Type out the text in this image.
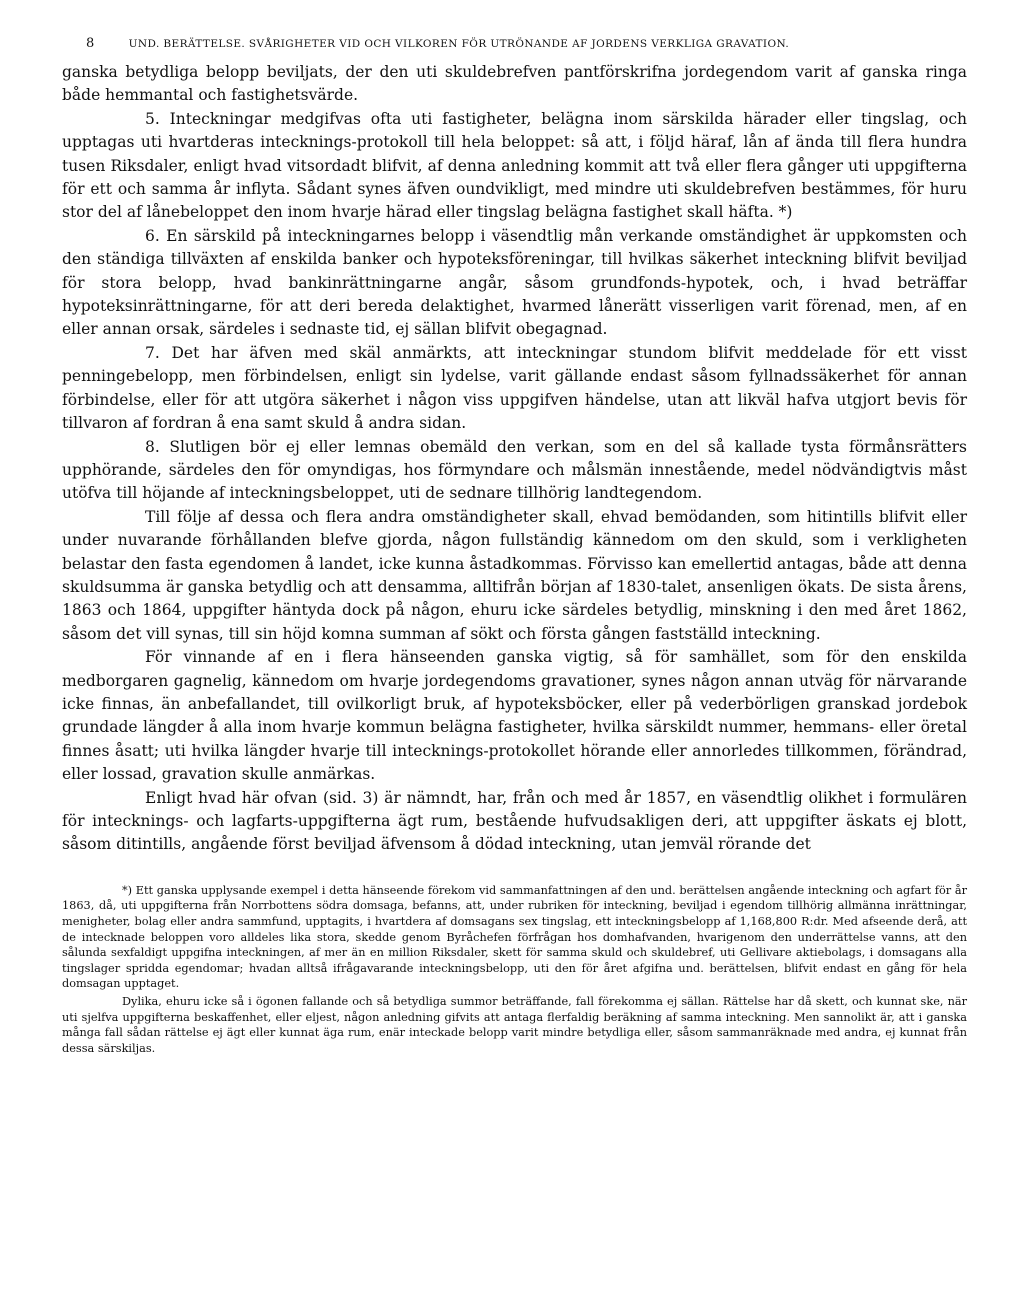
8	UND. BERÄTTELSE. SVÅRIGHETER VID OCH VILKOREN FÖR UTRÖNANDE AF JORDENS VERKLIGA GRAVATION.

ganska betydliga belopp beviljats, der den uti skuldebrefven pantförskrifna jordegendom varit af ganska ringa både hemmantal och fastighetsvärde.

5. Inteckningar medgifvas ofta uti fastigheter, belägna inom särskilda härader eller tingslag, och upptagas uti hvartderas intecknings-protokoll till hela beloppet: så att, i följd häraf, lån af ända till flera hundra tusen Riksdaler, enligt hvad vitsordadt blifvit, af denna anledning kommit att två eller flera gånger uti uppgifterna för ett och samma år inflyta. Sådant synes äfven oundvikligt, med mindre uti skuldebrefven bestämmes, för huru stor del af lånebeloppet den inom hvarje härad eller tingslag belägna fastighet skall häfta. *)

6. En särskild på inteckningarnes belopp i väsendtlig mån verkande omständighet är uppkomsten och den ständiga tillväxten af enskilda banker och hypoteksföreningar, till hvilkas säkerhet inteckning blifvit beviljad för stora belopp, hvad bankinrättningarne angår, såsom grundfonds-hypotek, och, i hvad beträffar hypoteksinrättningarne, för att deri bereda delaktighet, hvarmed lånerätt visserligen varit förenad, men, af en eller annan orsak, särdeles i sednaste tid, ej sällan blifvit obegagnad.

7. Det har äfven med skäl anmärkts, att inteckningar stundom blifvit meddelade för ett visst penningebelopp, men förbindelsen, enligt sin lydelse, varit gällande endast såsom fyllnadssäkerhet för annan förbindelse, eller för att utgöra säkerhet i någon viss uppgifven händelse, utan att likväl hafva utgjort bevis för tillvaron af fordran å ena samt skuld å andra sidan.

8. Slutligen bör ej eller lemnas obemäld den verkan, som en del så kallade tysta förmånsrätters upphörande, särdeles den för omyndigas, hos förmyndare och målsmän innestående, medel nödvändigtvis måst utöfva till höjande af inteckningsbeloppet, uti de sednare tillhörig landtegendom.

Till följe af dessa och flera andra omständigheter skall, ehvad bemödanden, som hitintills blifvit eller under nuvarande förhållanden blefve gjorda, någon fullständig kännedom om den skuld, som i verkligheten belastar den fasta egendomen å landet, icke kunna åstadkommas. Förvisso kan emellertid antagas, både att denna skuldsumma är ganska betydlig och att densamma, alltifrån början af 1830-talet, ansenligen ökats. De sista årens, 1863 och 1864, uppgifter häntyda dock på någon, ehuru icke särdeles betydlig, minskning i den med året 1862, såsom det vill synas, till sin höjd komna summan af sökt och första gången fastställd inteckning.

För vinnande af en i flera hänseenden ganska vigtig, så för samhället, som för den enskilda medborgaren gagnelig, kännedom om hvarje jordegendoms gravationer, synes någon annan utväg för närvarande icke finnas, än anbefallandet, till ovilkorligt bruk, af hypoteksböcker, eller på vederbörligen granskad jordebok grundade längder å alla inom hvarje kommun belägna fastigheter, hvilka särskildt nummer, hemmans- eller öretal finnes åsatt; uti hvilka längder hvarje till intecknings-protokollet hörande eller annorledes tillkommen, förändrad, eller lossad, gravation skulle anmärkas.

Enligt hvad här ofvan (sid. 3) är nämndt, har, från och med år 1857, en väsendtlig olikhet i formulären för intecknings- och lagfarts-uppgifterna ägt rum, bestående hufvudsakligen deri, att uppgifter äskats ej blott, såsom ditintills, angående först beviljad äfvensom å dödad inteckning, utan jemväl rörande det

*) Ett ganska upplysande exempel i detta hänseende förekom vid sammanfattningen af den und. berättelsen angående inteckning och agfart för år 1863, då, uti uppgifterna från Norrbottens södra domsaga, befanns, att, under rubriken för inteckning, beviljad i egendom tillhörig allmänna inrättningar, menigheter, bolag eller andra sammfund, upptagits, i hvartdera af domsagans sex tingslag, ett inteckningsbelopp af 1,168,800 R:dr. Med afseende derå, att de intecknade beloppen voro alldeles lika stora, skedde genom Byråchefen förfrågan hos domhafvanden, hvarigenom den underrättelse vanns, att den sålunda sexfaldigt uppgifna inteckningen, af mer än en million Riksdaler, skett för samma skuld och skuldebref, uti Gellivare aktiebolags, i domsagans alla tingslager spridda egendomar; hvadan alltså ifrågavarande inteckningsbelopp, uti den för året afgifna und. berättelsen, blifvit endast en gång för hela domsagan upptaget.

Dylika, ehuru icke så i ögonen fallande och så betydliga summor beträffande, fall förekomma ej sällan. Rättelse har då skett, och kunnat ske, när uti sjelfva uppgifterna beskaffenhet, eller eljest, någon anledning gifvits att antaga flerfaldig beräkning af samma inteckning. Men sannolikt är, att i ganska många fall sådan rättelse ej ägt eller kunnat äga rum, enär inteckade belopp varit mindre betydliga eller, såsom sammanräknade med andra, ej kunnat från dessa särskiljas.
